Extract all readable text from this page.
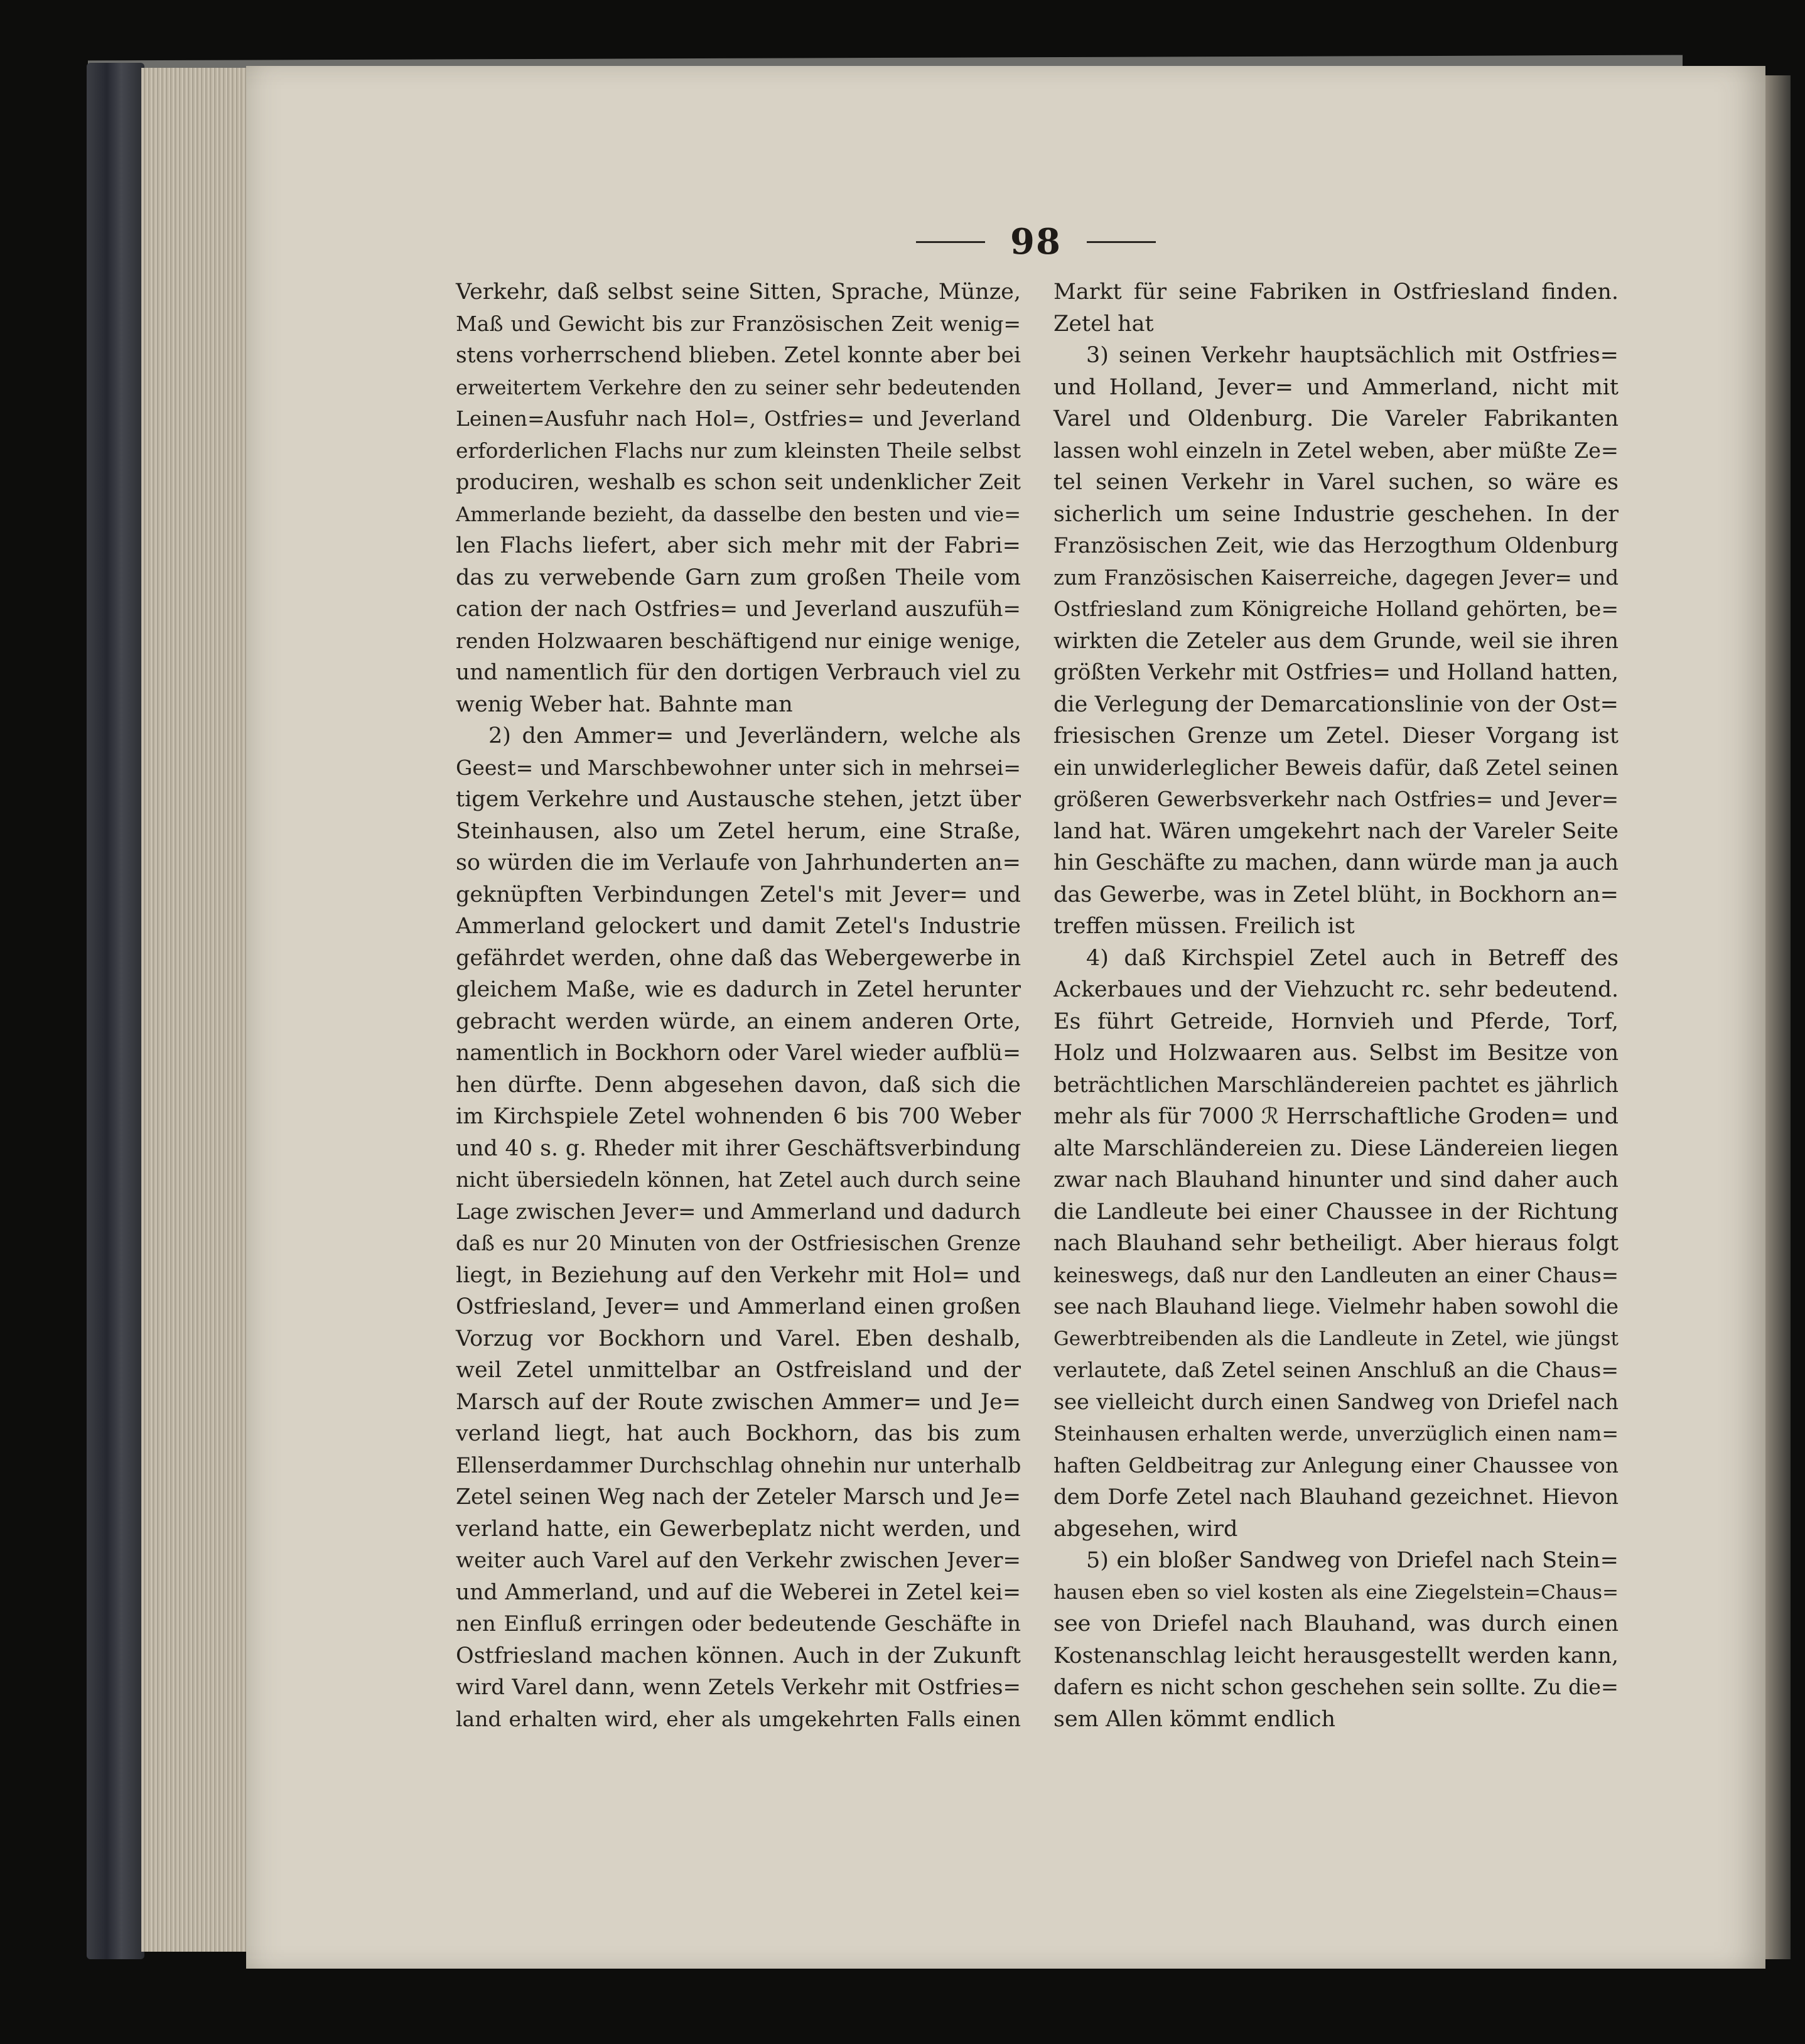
98
Verkehr, daß selbst seine Sitten, Sprache, Münze,
Maß und Gewicht bis zur Französischen Zeit wenig=
stens vorherrschend blieben. Zetel konnte aber bei
erweitertem Verkehre den zu seiner sehr bedeutenden
Leinen=Ausfuhr nach Hol=, Ostfries= und Jeverland
erforderlichen Flachs nur zum kleinsten Theile selbst
produciren, weshalb es schon seit undenklicher Zeit
Ammerlande bezieht, da dasselbe den besten und vie=
len Flachs liefert, aber sich mehr mit der Fabri=
das zu verwebende Garn zum großen Theile vom
cation der nach Ostfries= und Jeverland auszufüh=
renden Holzwaaren beschäftigend nur einige wenige,
und namentlich für den dortigen Verbrauch viel zu
wenig Weber hat. Bahnte man
2) den Ammer= und Jeverländern, welche als
Geest= und Marschbewohner unter sich in mehrsei=
tigem Verkehre und Austausche stehen, jetzt über
Steinhausen, also um Zetel herum, eine Straße,
so würden die im Verlaufe von Jahrhunderten an=
geknüpften Verbindungen Zetel's mit Jever= und
Ammerland gelockert und damit Zetel's Industrie
gefährdet werden, ohne daß das Webergewerbe in
gleichem Maße, wie es dadurch in Zetel herunter
gebracht werden würde, an einem anderen Orte,
namentlich in Bockhorn oder Varel wieder aufblü=
hen dürfte. Denn abgesehen davon, daß sich die
im Kirchspiele Zetel wohnenden 6 bis 700 Weber
und 40 s. g. Rheder mit ihrer Geschäftsverbindung
nicht übersiedeln können, hat Zetel auch durch seine
Lage zwischen Jever= und Ammerland und dadurch
daß es nur 20 Minuten von der Ostfriesischen Grenze
liegt, in Beziehung auf den Verkehr mit Hol= und
Ostfriesland, Jever= und Ammerland einen großen
Vorzug vor Bockhorn und Varel. Eben deshalb,
weil Zetel unmittelbar an Ostfreisland und der
Marsch auf der Route zwischen Ammer= und Je=
verland liegt, hat auch Bockhorn, das bis zum
Ellenserdammer Durchschlag ohnehin nur unterhalb
Zetel seinen Weg nach der Zeteler Marsch und Je=
verland hatte, ein Gewerbeplatz nicht werden, und
weiter auch Varel auf den Verkehr zwischen Jever=
und Ammerland, und auf die Weberei in Zetel kei=
nen Einfluß erringen oder bedeutende Geschäfte in
Ostfriesland machen können. Auch in der Zukunft
wird Varel dann, wenn Zetels Verkehr mit Ostfries=
land erhalten wird, eher als umgekehrten Falls einen
Markt für seine Fabriken in Ostfriesland finden.
Zetel hat
3) seinen Verkehr hauptsächlich mit Ostfries=
und Holland, Jever= und Ammerland, nicht mit
Varel und Oldenburg. Die Vareler Fabrikanten
lassen wohl einzeln in Zetel weben, aber müßte Ze=
tel seinen Verkehr in Varel suchen, so wäre es
sicherlich um seine Industrie geschehen. In der
Französischen Zeit, wie das Herzogthum Oldenburg
zum Französischen Kaiserreiche, dagegen Jever= und
Ostfriesland zum Königreiche Holland gehörten, be=
wirkten die Zeteler aus dem Grunde, weil sie ihren
größten Verkehr mit Ostfries= und Holland hatten,
die Verlegung der Demarcationslinie von der Ost=
friesischen Grenze um Zetel. Dieser Vorgang ist
ein unwiderleglicher Beweis dafür, daß Zetel seinen
größeren Gewerbsverkehr nach Ostfries= und Jever=
land hat. Wären umgekehrt nach der Vareler Seite
hin Geschäfte zu machen, dann würde man ja auch
das Gewerbe, was in Zetel blüht, in Bockhorn an=
treffen müssen. Freilich ist
4) daß Kirchspiel Zetel auch in Betreff des
Ackerbaues und der Viehzucht rc. sehr bedeutend.
Es führt Getreide, Hornvieh und Pferde, Torf,
Holz und Holzwaaren aus. Selbst im Besitze von
beträchtlichen Marschländereien pachtet es jährlich
mehr als für 7000 ℛ Herrschaftliche Groden= und
alte Marschländereien zu. Diese Ländereien liegen
zwar nach Blauhand hinunter und sind daher auch
die Landleute bei einer Chaussee in der Richtung
nach Blauhand sehr betheiligt. Aber hieraus folgt
keineswegs, daß nur den Landleuten an einer Chaus=
see nach Blauhand liege. Vielmehr haben sowohl die
Gewerbtreibenden als die Landleute in Zetel, wie jüngst
verlautete, daß Zetel seinen Anschluß an die Chaus=
see vielleicht durch einen Sandweg von Driefel nach
Steinhausen erhalten werde, unverzüglich einen nam=
haften Geldbeitrag zur Anlegung einer Chaussee von
dem Dorfe Zetel nach Blauhand gezeichnet. Hievon
abgesehen, wird
5) ein bloßer Sandweg von Driefel nach Stein=
hausen eben so viel kosten als eine Ziegelstein=Chaus=
see von Driefel nach Blauhand, was durch einen
Kostenanschlag leicht herausgestellt werden kann,
dafern es nicht schon geschehen sein sollte. Zu die=
sem Allen kömmt endlich
